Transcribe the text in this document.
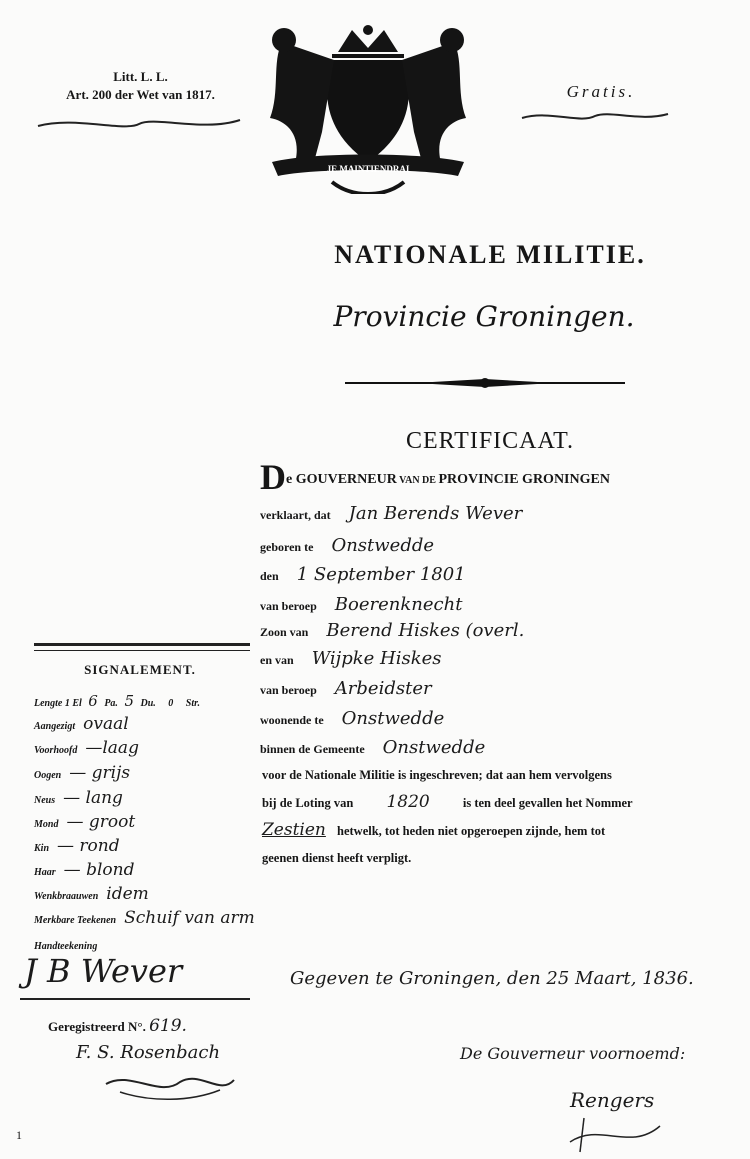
Litt. L. L.
Art. 200 der Wet van 1817.
JE MAINTIENDRAI
Gratis.
NATIONALE MILITIE.
Provincie Groningen.
CERTIFICAAT.
De GOUVERNEUR VAN DE PROVINCIE GRONINGEN
verklaart, dat Jan Berends Wever
geboren te Onstwedde
den 1 September 1801
van beroep Boerenknecht
Zoon van Berend Hiskes (overl.
en van Wijpke Hiskes
van beroep Arbeidster
woonende te Onstwedde
binnen de Gemeente Onstwedde
voor de Nationale Militie is ingeschreven; dat aan hem vervolgens
bij de Loting van 1820	is ten deel gevallen het Nommer
Zestien hetwelk, tot heden niet opgeroepen zijnde, hem tot
geenen dienst heeft verpligt.
Gegeven te Groningen, den 25 Maart, 1836.
De Gouverneur voornoemd:
Rengers
SIGNALEMENT.
Lengte 1 El 6 Pa. 5 Du. 0 Str.
Aangezigt ovaal
Voorhoofd —laag
Oogen — grijs
Neus — lang
Mond — groot
Kin — rond
Haar — blond
Wenkbraauwen idem
Merkbare Teekenen Schuif van arm
Handteekening
J B Wever
Geregistreerd N°. 619.
F. S. Rosenbach
1
